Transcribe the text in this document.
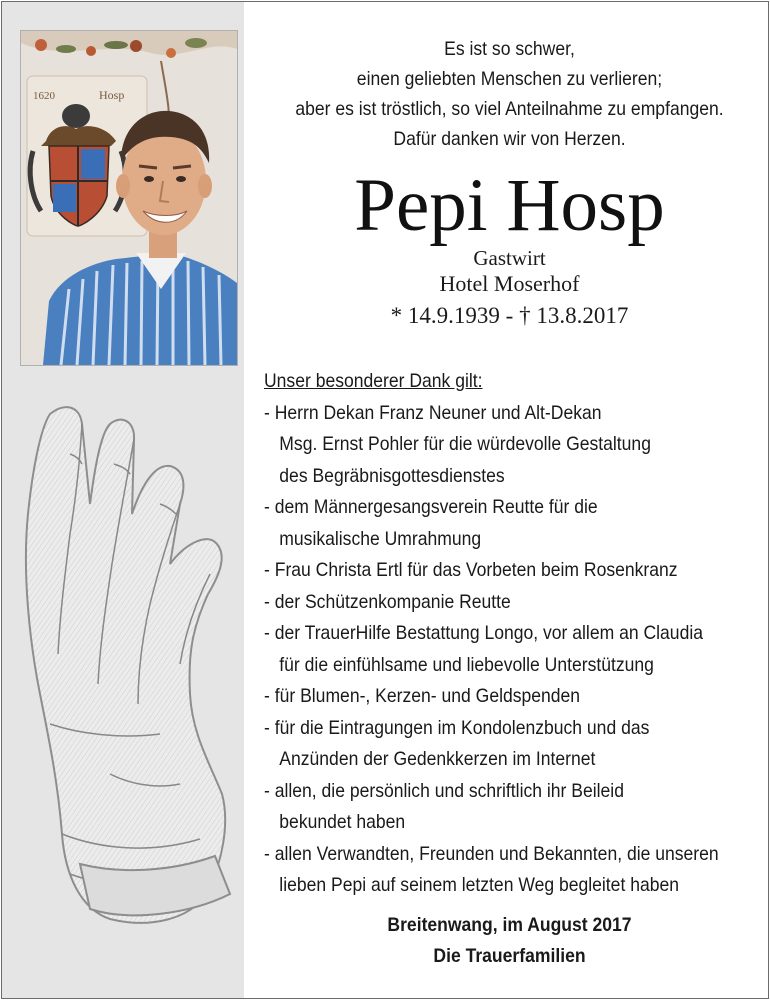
1620	Hosp
Es ist so schwer,
einen geliebten Menschen zu verlieren;
aber es ist tröstlich, so viel Anteilnahme zu empfangen.
Dafür danken wir von Herzen.
Pepi Hosp
Gastwirt
Hotel Moserhof
* 14.9.1939 - † 13.8.2017
Unser besonderer Dank gilt:
- Herrn Dekan Franz Neuner und Alt-Dekan
Msg. Ernst Pohler für die würdevolle Gestaltung
des Begräbnisgottesdienstes
- dem Männergesangsverein Reutte für die
musikalische Umrahmung
- Frau Christa Ertl für das Vorbeten beim Rosenkranz
- der Schützenkompanie Reutte
- der TrauerHilfe Bestattung Longo, vor allem an Claudia
für die einfühlsame und liebevolle Unterstützung
- für Blumen-, Kerzen- und Geldspenden
- für die Eintragungen im Kondolenzbuch und das
Anzünden der Gedenkkerzen im Internet
- allen, die persönlich und schriftlich ihr Beileid
bekundet haben
- allen Verwandten, Freunden und Bekannten, die unseren
lieben Pepi auf seinem letzten Weg begleitet haben
Breitenwang, im August 2017
Die Trauerfamilien
